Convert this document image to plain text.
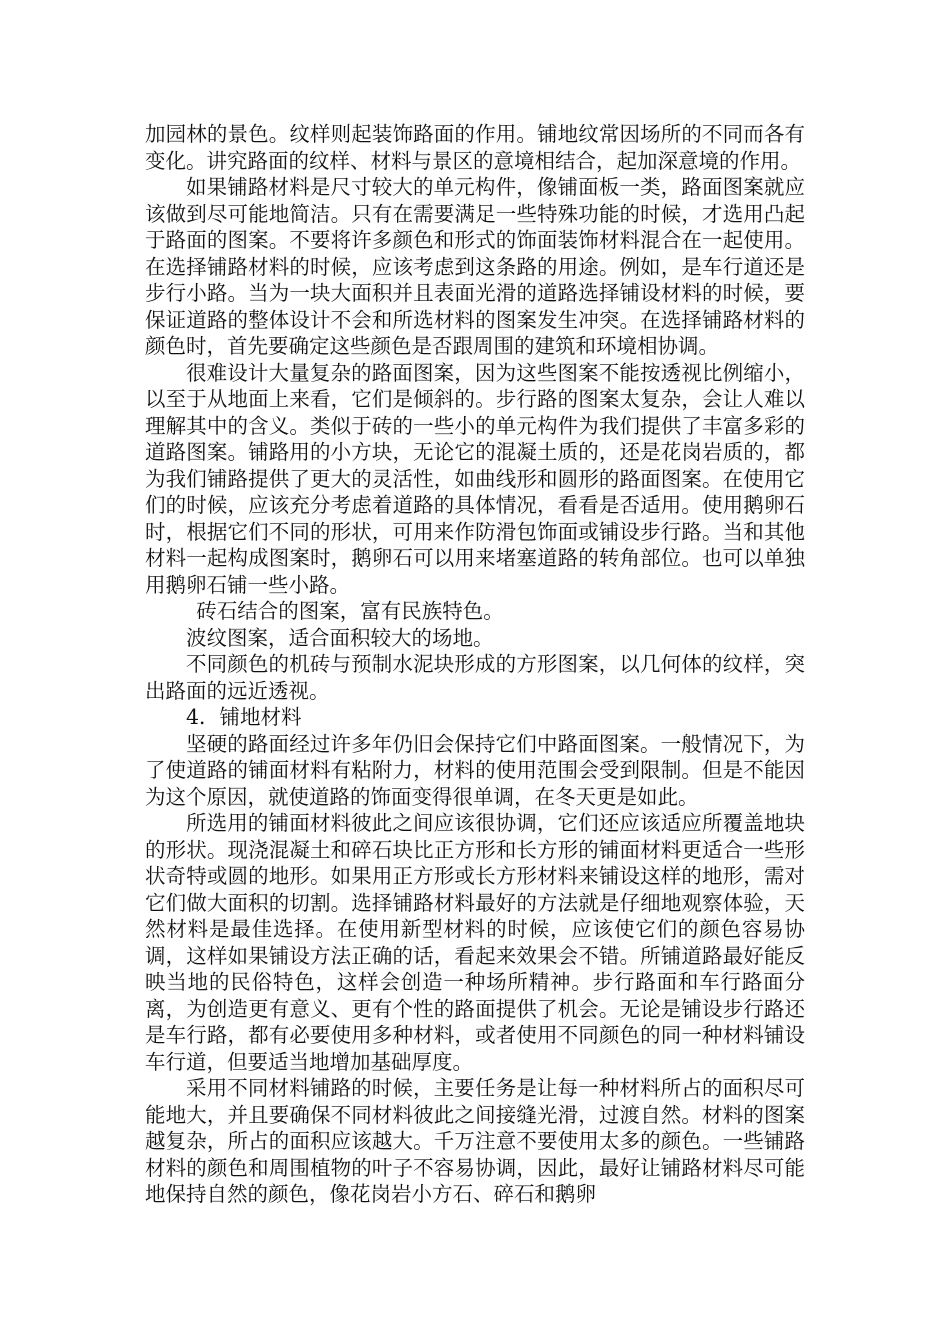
加园林的景色。纹样则起装饰路面的作用。铺地纹常因场所的不同而各有变化。讲究路面的纹样、材料与景区的意境相结合，起加深意境的作用。

如果铺路材料是尺寸较大的单元构件，像铺面板一类，路面图案就应该做到尽可能地简洁。只有在需要满足一些特殊功能的时候，才选用凸起于路面的图案。不要将许多颜色和形式的饰面装饰材料混合在一起使用。在选择铺路材料的时候，应该考虑到这条路的用途。例如，是车行道还是步行小路。当为一块大面积并且表面光滑的道路选择铺设材料的时候，要保证道路的整体设计不会和所选材料的图案发生冲突。在选择铺路材料的颜色时，首先要确定这些颜色是否跟周围的建筑和环境相协调。

很难设计大量复杂的路面图案，因为这些图案不能按透视比例缩小，以至于从地面上来看，它们是倾斜的。步行路的图案太复杂，会让人难以理解其中的含义。类似于砖的一些小的单元构件为我们提供了丰富多彩的道路图案。铺路用的小方块，无论它的混凝土质的，还是花岗岩质的，都为我们铺路提供了更大的灵活性，如曲线形和圆形的路面图案。在使用它们的时候，应该充分考虑着道路的具体情况，看看是否适用。使用鹅卵石时，根据它们不同的形状，可用来作防滑包饰面或铺设步行路。当和其他材料一起构成图案时，鹅卵石可以用来堵塞道路的转角部位。也可以单独用鹅卵石铺一些小路。

砖石结合的图案，富有民族特色。

波纹图案，适合面积较大的场地。

不同颜色的机砖与预制水泥块形成的方形图案，以几何体的纹样，突出路面的远近透视。

4．铺地材料

坚硬的路面经过许多年仍旧会保持它们中路面图案。一般情况下，为了使道路的铺面材料有粘附力，材料的使用范围会受到限制。但是不能因为这个原因，就使道路的饰面变得很单调，在冬天更是如此。

所选用的铺面材料彼此之间应该很协调，它们还应该适应所覆盖地块的形状。现浇混凝土和碎石块比正方形和长方形的铺面材料更适合一些形状奇特或圆的地形。如果用正方形或长方形材料来铺设这样的地形，需对它们做大面积的切割。选择铺路材料最好的方法就是仔细地观察体验，天然材料是最佳选择。在使用新型材料的时候，应该使它们的颜色容易协调，这样如果铺设方法正确的话，看起来效果会不错。所铺道路最好能反映当地的民俗特色，这样会创造一种场所精神。步行路面和车行路面分离，为创造更有意义、更有个性的路面提供了机会。无论是铺设步行路还是车行路，都有必要使用多种材料，或者使用不同颜色的同一种材料铺设车行道，但要适当地增加基础厚度。

采用不同材料铺路的时候，主要任务是让每一种材料所占的面积尽可能地大，并且要确保不同材料彼此之间接缝光滑，过渡自然。材料的图案越复杂，所占的面积应该越大。千万注意不要使用太多的颜色。一些铺路材料的颜色和周围植物的叶子不容易协调，因此，最好让铺路材料尽可能地保持自然的颜色，像花岗岩小方石、碎石和鹅卵
